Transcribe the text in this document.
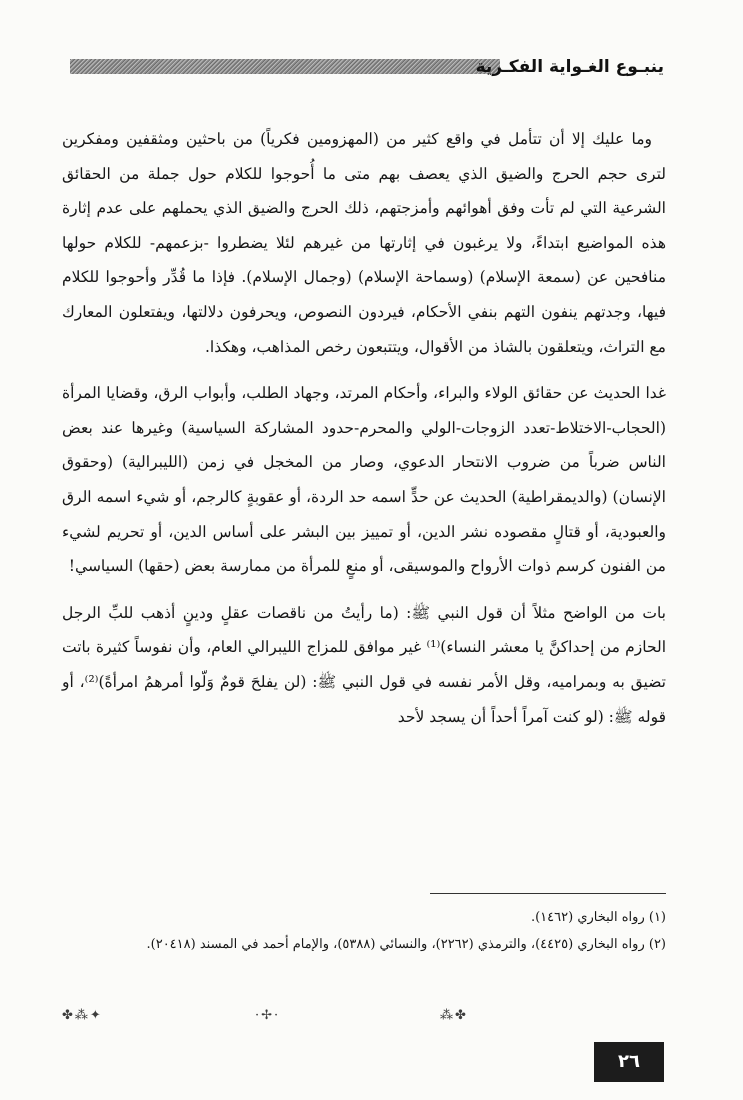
ينبـوع الغـواية الفكـرية

وما عليك إلا أن تتأمل في واقع كثير من (المهزومين فكرياً) من باحثين ومثقفين ومفكرين لترى حجم الحرج والضيق الذي يعصف بهم متى ما أُحوجوا للكلام حول جملة من الحقائق الشرعية التي لم تأت وفق أهوائهم وأمزجتهم، ذلك الحرج والضيق الذي يحملهم على عدم إثارة هذه المواضيع ابتداءً، ولا يرغبون في إثارتها من غيرهم لئلا يضطروا -بزعمهم- للكلام حولها منافحين عن (سمعة الإسلام) (وسماحة الإسلام) (وجمال الإسلام). فإذا ما قُدِّر وأحوجوا للكلام فيها، وجدتهم ينفون التهم بنفي الأحكام، فيردون النصوص، ويحرفون دلالتها، ويفتعلون المعارك مع التراث، ويتعلقون بالشاذ من الأقوال، ويتتبعون رخص المذاهب، وهكذا.

غدا الحديث عن حقائق الولاء والبراء، وأحكام المرتد، وجهاد الطلب، وأبواب الرق، وقضايا المرأة (الحجاب-الاختلاط-تعدد الزوجات-الولي والمحرم-حدود المشاركة السياسية) وغيرها عند بعض الناس ضرباً من ضروب الانتحار الدعوي، وصار من المخجل في زمن (الليبرالية) (وحقوق الإنسان) (والديمقراطية) الحديث عن حدٍّ اسمه حد الردة، أو عقوبةٍ كالرجم، أو شيء اسمه الرق والعبودية، أو قتالٍ مقصوده نشر الدين، أو تمييز بين البشر على أساس الدين، أو تحريم لشيء من الفنون كرسم ذوات الأرواح والموسيقى، أو منعٍ للمرأة من ممارسة بعض (حقها) السياسي!

بات من الواضح مثلاً أن قول النبي ﷺ: (ما رأيتُ من ناقصات عقلٍ ودينٍ أذهب للبِّ الرجل الحازم من إحداكنَّ يا معشر النساء)⁽¹⁾ غير موافق للمزاج الليبرالي العام، وأن نفوساً كثيرة باتت تضيق به وبمراميه، وقل الأمر نفسه في قول النبي ﷺ: (لن يفلحَ قومٌ وَلّوا أمرهمُ امرأةً)⁽²⁾، أو قوله ﷺ: (لو كنت آمراً أحداً أن يسجد لأحد

(١) رواه البخاري (١٤٦٢).

(٢) رواه البخاري (٤٤٢٥)، والترمذي (٢٢٦٢)، والنسائي (٥٣٨٨)، والإمام أحمد في المسند (٢٠٤١٨).

✤⁂✦	·✢·	⁂✤
٢٦
